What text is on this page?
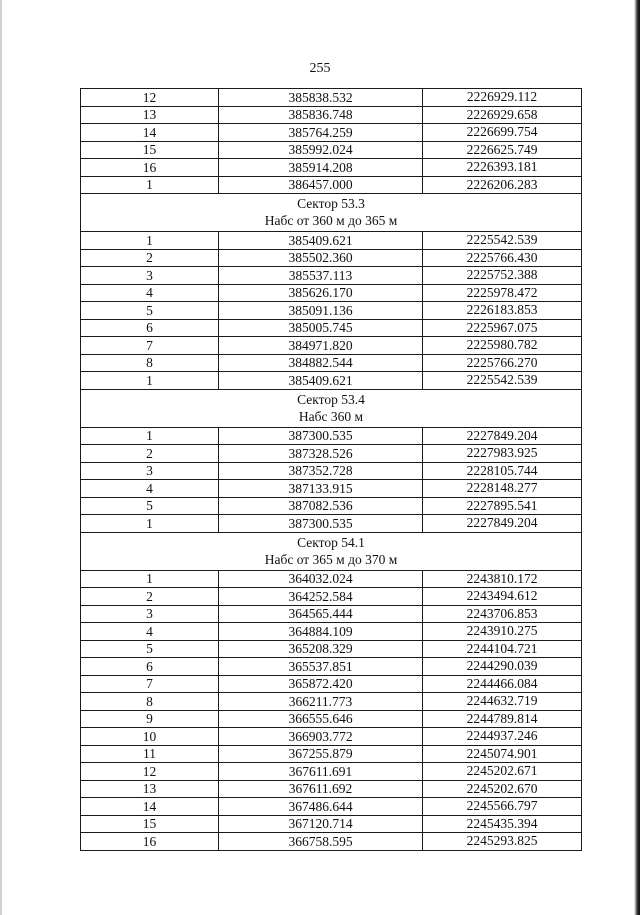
255
12	385838.532	2226929.112
13	385836.748	2226929.658
14	385764.259	2226699.754
15	385992.024	2226625.749
16	385914.208	2226393.181
1	386457.000	2226206.283

Сектор 53.3
Набс от 360 м до 365 м		

1	385409.621	2225542.539
2	385502.360	2225766.430
3	385537.113	2225752.388
4	385626.170	2225978.472
5	385091.136	2226183.853
6	385005.745	2225967.075
7	384971.820	2225980.782
8	384882.544	2225766.270
1	385409.621	2225542.539

Сектор 53.4
Набс 360 м		

1	387300.535	2227849.204
2	387328.526	2227983.925
3	387352.728	2228105.744
4	387133.915	2228148.277
5	387082.536	2227895.541
1	387300.535	2227849.204

Сектор 54.1
Набс от 365 м до 370 м		

1	364032.024	2243810.172
2	364252.584	2243494.612
3	364565.444	2243706.853
4	364884.109	2243910.275
5	365208.329	2244104.721
6	365537.851	2244290.039
7	365872.420	2244466.084
8	366211.773	2244632.719
9	366555.646	2244789.814
10	366903.772	2244937.246
11	367255.879	2245074.901
12	367611.691	2245202.671
13	367611.692	2245202.670
14	367486.644	2245566.797
15	367120.714	2245435.394
16	366758.595	2245293.825
